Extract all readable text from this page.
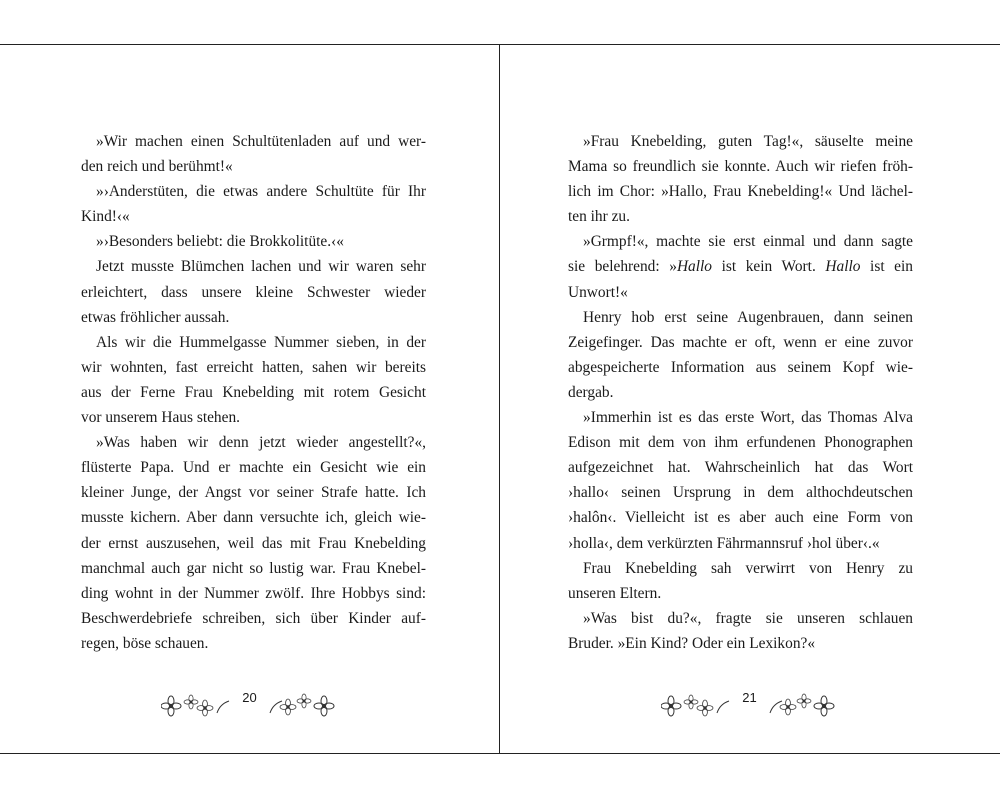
»Wir machen einen Schultütenladen auf und wer-
den reich und berühmt!«
»›Anderstüten, die etwas andere Schultüte für Ihr
Kind!‹«
»›Besonders beliebt: die Brokkolitüte.‹«
Jetzt musste Blümchen lachen und wir waren sehr
erleichtert, dass unsere kleine Schwester wieder
etwas fröhlicher aussah.
Als wir die Hummelgasse Nummer sieben, in der
wir wohnten, fast erreicht hatten, sahen wir bereits
aus der Ferne Frau Knebelding mit rotem Gesicht
vor unserem Haus stehen.
»Was haben wir denn jetzt wieder angestellt?«,
flüsterte Papa. Und er machte ein Gesicht wie ein
kleiner Junge, der Angst vor seiner Strafe hatte. Ich
musste kichern. Aber dann versuchte ich, gleich wie-
der ernst auszusehen, weil das mit Frau Knebelding
manchmal auch gar nicht so lustig war. Frau Knebel-
ding wohnt in der Nummer zwölf. Ihre Hobbys sind:
Beschwerdebriefe schreiben, sich über Kinder auf-
regen, böse schauen.
20
»Frau Knebelding, guten Tag!«, säuselte meine
Mama so freundlich sie konnte. Auch wir riefen fröh-
lich im Chor: »Hallo, Frau Knebelding!« Und lächel-
ten ihr zu.
»Grmpf!«, machte sie erst einmal und dann sagte
sie belehrend: »Hallo ist kein Wort. Hallo ist ein
Unwort!«
Henry hob erst seine Augenbrauen, dann seinen
Zeigefinger. Das machte er oft, wenn er eine zuvor
abgespeicherte Information aus seinem Kopf wie-
dergab.
»Immerhin ist es das erste Wort, das Thomas Alva
Edison mit dem von ihm erfundenen Phonographen
aufgezeichnet hat. Wahrscheinlich hat das Wort
›hallo‹ seinen Ursprung in dem althochdeutschen
›halôn‹. Vielleicht ist es aber auch eine Form von
›holla‹, dem verkürzten Fährmannsruf ›hol über‹.«
Frau Knebelding sah verwirrt von Henry zu
unseren Eltern.
»Was bist du?«, fragte sie unseren schlauen
Bruder. »Ein Kind? Oder ein Lexikon?«
21
